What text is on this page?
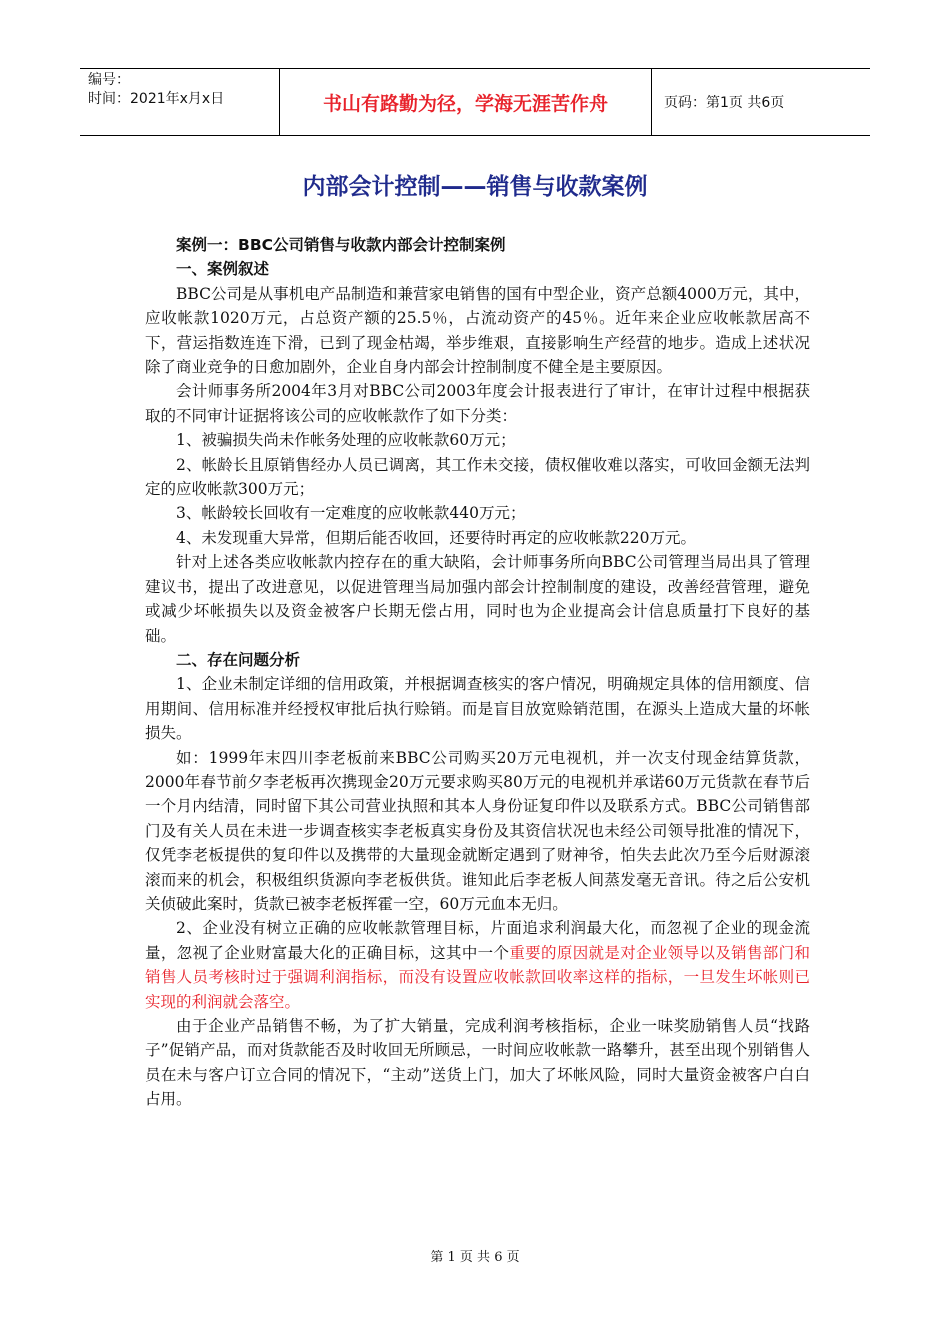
编号：
时间：2021年x月x日	书山有路勤为径，学海无涯苦作舟	页码：第1页 共6页
内部会计控制——销售与收款案例

案例一：BBC公司销售与收款内部会计控制案例

一、案例叙述

BBC公司是从事机电产品制造和兼营家电销售的国有中型企业，资产总额4000万元，其中，应收帐款1020万元，占总资产额的25.5％，占流动资产的45％。近年来企业应收帐款居高不下，营运指数连连下滑，已到了现金枯竭，举步维艰，直接影响生产经营的地步。造成上述状况除了商业竞争的日愈加剧外，企业自身内部会计控制制度不健全是主要原因。

会计师事务所2004年3月对BBC公司2003年度会计报表进行了审计，在审计过程中根据获取的不同审计证据将该公司的应收帐款作了如下分类：

1、被骗损失尚未作帐务处理的应收帐款60万元；

2、帐龄长且原销售经办人员已调离，其工作未交接，债权催收难以落实，可收回金额无法判定的应收帐款300万元；

3、帐龄较长回收有一定难度的应收帐款440万元；

4、未发现重大异常，但期后能否收回，还要待时再定的应收帐款220万元。

针对上述各类应收帐款内控存在的重大缺陷，会计师事务所向BBC公司管理当局出具了管理建议书，提出了改进意见，以促进管理当局加强内部会计控制制度的建设，改善经营管理，避免或减少坏帐损失以及资金被客户长期无偿占用，同时也为企业提高会计信息质量打下良好的基础。

二、存在问题分析

1、企业未制定详细的信用政策，并根据调查核实的客户情况，明确规定具体的信用额度、信用期间、信用标准并经授权审批后执行赊销。而是盲目放宽赊销范围，在源头上造成大量的坏帐损失。

如：1999年末四川李老板前来BBC公司购买20万元电视机，并一次支付现金结算货款，2000年春节前夕李老板再次携现金20万元要求购买80万元的电视机并承诺60万元货款在春节后一个月内结清，同时留下其公司营业执照和其本人身份证复印件以及联系方式。BBC公司销售部门及有关人员在未进一步调查核实李老板真实身份及其资信状况也未经公司领导批准的情况下，仅凭李老板提供的复印件以及携带的大量现金就断定遇到了财神爷，怕失去此次乃至今后财源滚滚而来的机会，积极组织货源向李老板供货。谁知此后李老板人间蒸发毫无音讯。待之后公安机关侦破此案时，货款已被李老板挥霍一空，60万元血本无归。

2、企业没有树立正确的应收帐款管理目标，片面追求利润最大化，而忽视了企业的现金流量，忽视了企业财富最大化的正确目标，这其中一个重要的原因就是对企业领导以及销售部门和销售人员考核时过于强调利润指标，而没有设置应收帐款回收率这样的指标，一旦发生坏帐则已实现的利润就会落空。

由于企业产品销售不畅，为了扩大销量，完成利润考核指标，企业一味奖励销售人员“找路子”促销产品，而对货款能否及时收回无所顾忌，一时间应收帐款一路攀升，甚至出现个别销售人员在未与客户订立合同的情况下，“主动”送货上门，加大了坏帐风险，同时大量资金被客户白白占用。

第 1 页 共 6 页
